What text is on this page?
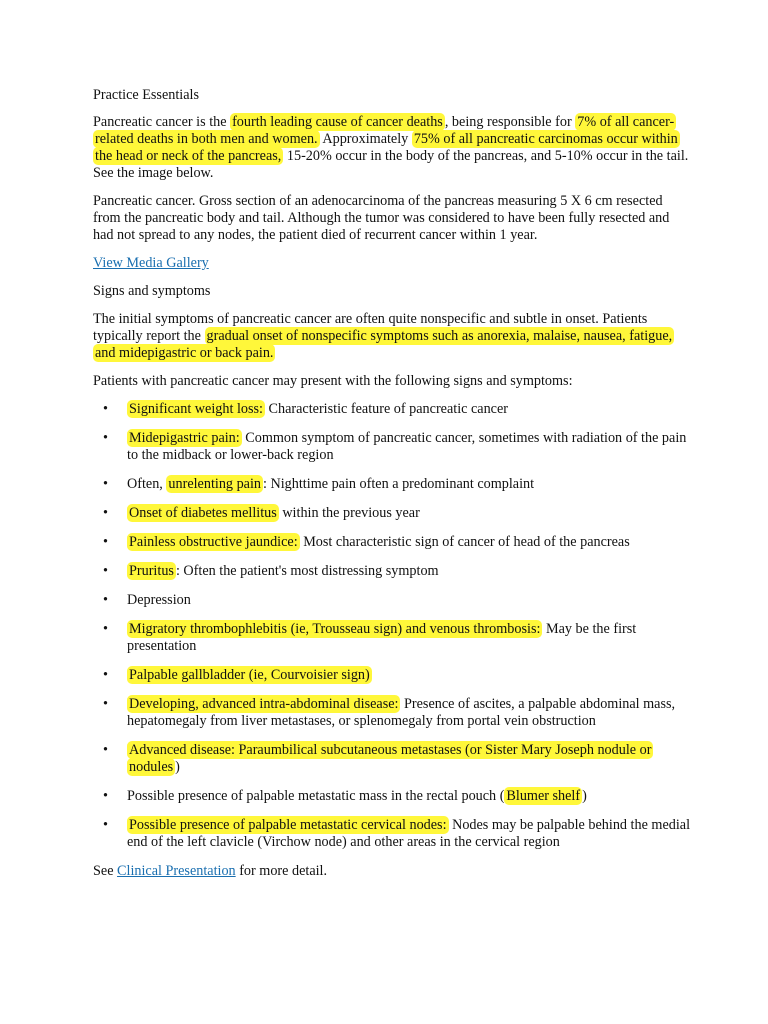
Practice Essentials

Pancreatic cancer is the fourth leading cause of cancer deaths , being responsible for 7% of all cancer-related deaths in both men and women. Approximately 75% of all pancreatic carcinomas occur within the head or neck of the pancreas, 15-20% occur in the body of the pancreas, and 5-10% occur in the tail. See the image below.

Pancreatic cancer. Gross section of an adenocarcinoma of the pancreas measuring 5 X 6 cm resected from the pancreatic body and tail. Although the tumor was considered to have been fully resected and had not spread to any nodes, the patient died of recurrent cancer within 1 year.

View Media Gallery

Signs and symptoms

The initial symptoms of pancreatic cancer are often quite nonspecific and subtle in onset. Patients typically report the gradual onset of nonspecific symptoms such as anorexia, malaise, nausea, fatigue, and midepigastric or back pain.

Patients with pancreatic cancer may present with the following signs and symptoms:

• Significant weight loss: Characteristic feature of pancreatic cancer
• Midepigastric pain: Common symptom of pancreatic cancer, sometimes with radiation of the pain to the midback or lower-back region
• Often, unrelenting pain : Nighttime pain often a predominant complaint
• Onset of diabetes mellitus within the previous year
• Painless obstructive jaundice: Most characteristic sign of cancer of head of the pancreas
• Pruritus : Often the patient's most distressing symptom
• Depression
• Migratory thrombophlebitis (ie, Trousseau sign) and venous thrombosis: May be the first presentation
• Palpable gallbladder (ie, Courvoisier sign)
• Developing, advanced intra-abdominal disease: Presence of ascites, a palpable abdominal mass, hepatomegaly from liver metastases, or splenomegaly from portal vein obstruction
• Advanced disease: Paraumbilical subcutaneous metastases (or Sister Mary Joseph nodule or nodules )
• Possible presence of palpable metastatic mass in the rectal pouch ( Blumer shelf )
• Possible presence of palpable metastatic cervical nodes: Nodes may be palpable behind the medial end of the left clavicle (Virchow node) and other areas in the cervical region

See Clinical Presentation for more detail.
